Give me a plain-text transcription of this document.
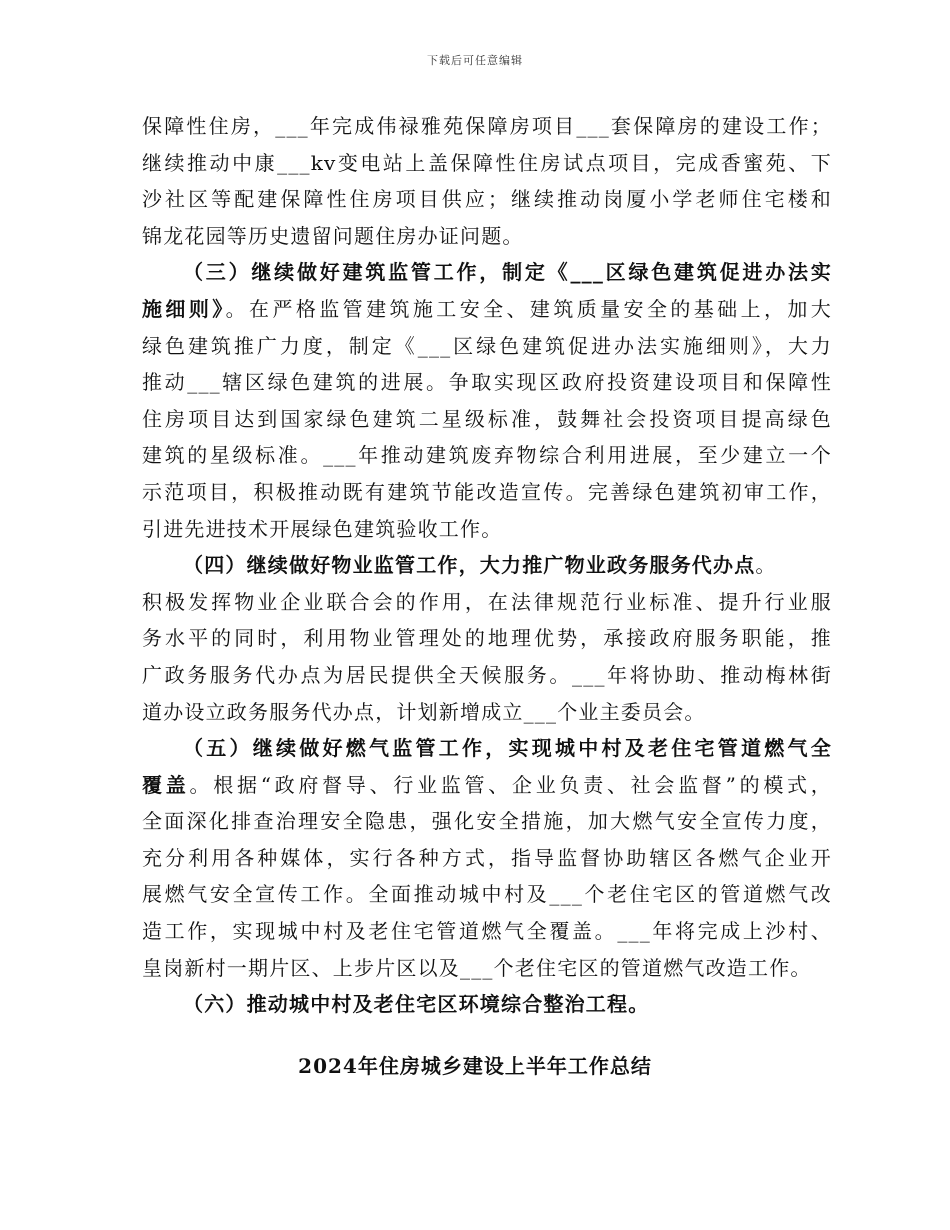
下载后可任意编辑
保障性住房，___年完成伟禄雅苑保障房项目___套保障房的建设工作；
继续推动中康___kv变电站上盖保障性住房试点项目，完成香蜜苑、下
沙社区等配建保障性住房项目供应；继续推动岗厦小学老师住宅楼和
锦龙花园等历史遗留问题住房办证问题。
（三）继续做好建筑监管工作，制定《___区绿色建筑促进办法实
施细则》。在严格监管建筑施工安全、建筑质量安全的基础上，加大
绿色建筑推广力度，制定《___区绿色建筑促进办法实施细则》，大力
推动___辖区绿色建筑的进展。争取实现区政府投资建设项目和保障性
住房项目达到国家绿色建筑二星级标准，鼓舞社会投资项目提高绿色
建筑的星级标准。___年推动建筑废弃物综合利用进展，至少建立一个
示范项目，积极推动既有建筑节能改造宣传。完善绿色建筑初审工作，
引进先进技术开展绿色建筑验收工作。
（四）继续做好物业监管工作，大力推广物业政务服务代办点。
积极发挥物业企业联合会的作用，在法律规范行业标准、提升行业服
务水平的同时，利用物业管理处的地理优势，承接政府服务职能，推
广政务服务代办点为居民提供全天候服务。___年将协助、推动梅林街
道办设立政务服务代办点，计划新增成立___个业主委员会。
（五）继续做好燃气监管工作，实现城中村及老住宅管道燃气全
覆盖。根据“政府督导、行业监管、企业负责、社会监督”的模式，
全面深化排查治理安全隐患，强化安全措施，加大燃气安全宣传力度，
充分利用各种媒体，实行各种方式，指导监督协助辖区各燃气企业开
展燃气安全宣传工作。全面推动城中村及___个老住宅区的管道燃气改
造工作，实现城中村及老住宅管道燃气全覆盖。___年将完成上沙村、
皇岗新村一期片区、上步片区以及___个老住宅区的管道燃气改造工作。
（六）推动城中村及老住宅区环境综合整治工程。
2024年住房城乡建设上半年工作总结
